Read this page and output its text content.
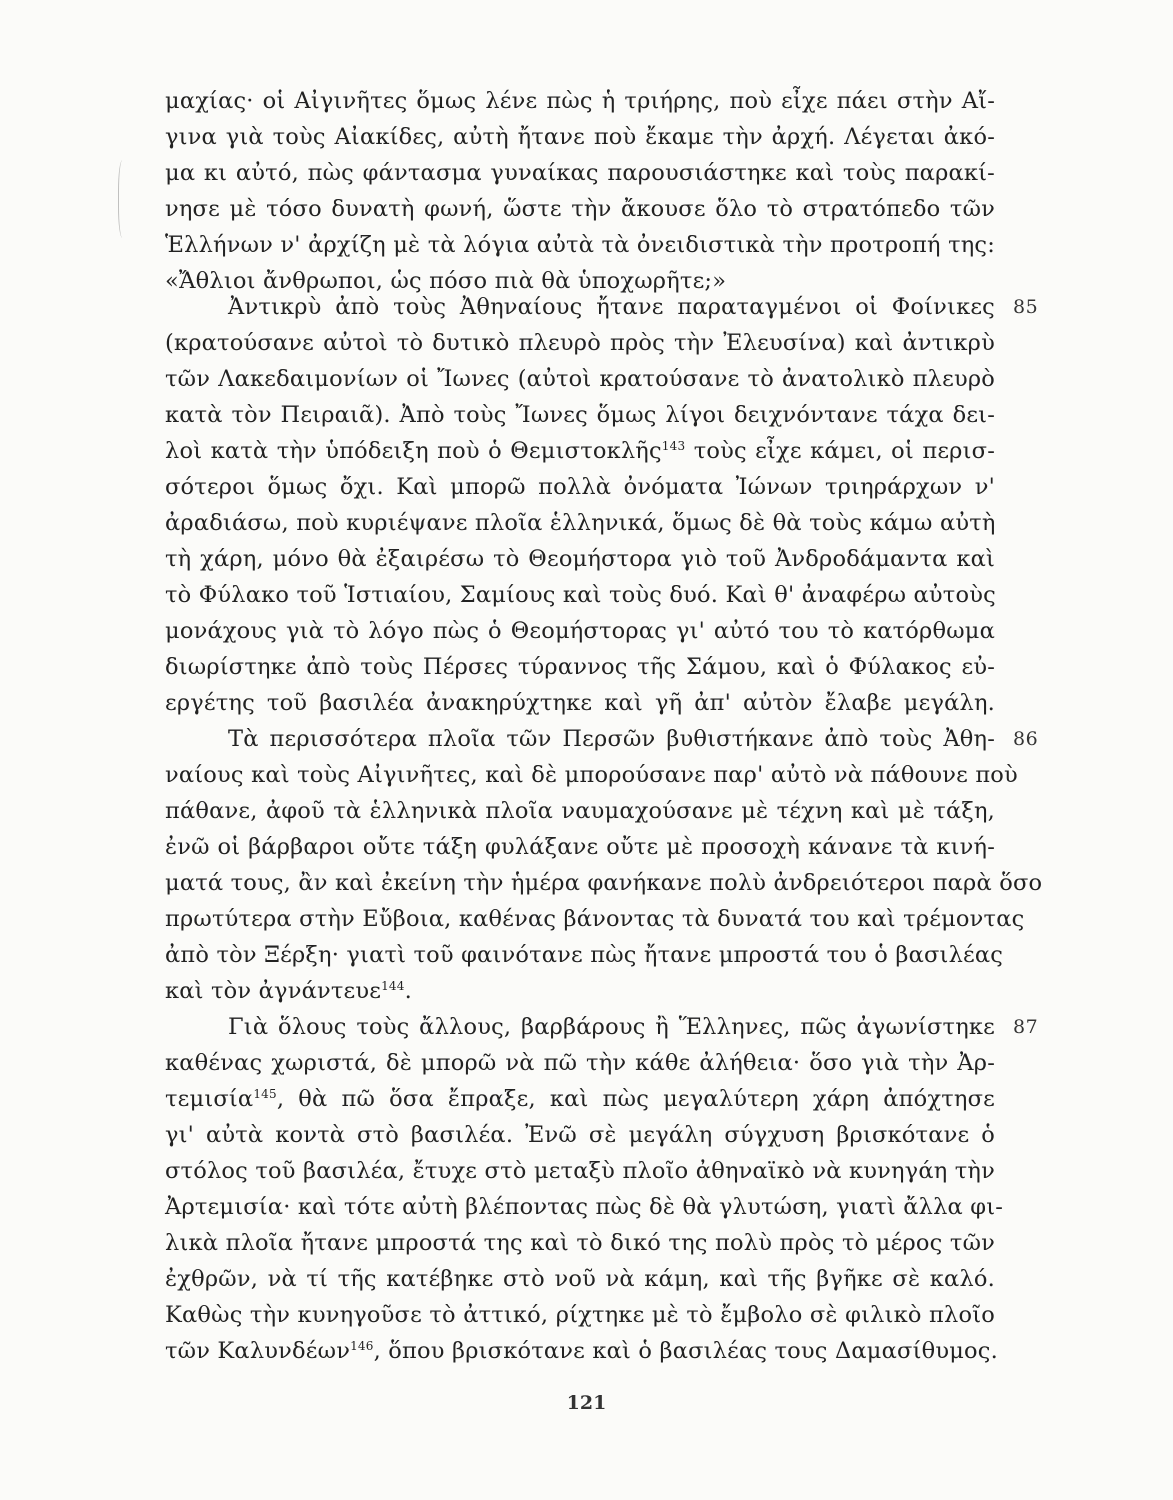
μαχίας· οἱ Αἰγινῆτες ὅμως λένε πὼς ἡ τριήρης, ποὺ εἶχε πάει στὴν Αἴ-
γινα γιὰ τοὺς Αἰακίδες, αὐτὴ ἤτανε ποὺ ἔκαμε τὴν ἀρχή. Λέγεται ἀκό-
μα κι αὐτό, πὼς φάντασμα γυναίκας παρουσιάστηκε καὶ τοὺς παρακί-
νησε μὲ τόσο δυνατὴ φωνή, ὥστε τὴν ἄκουσε ὅλο τὸ στρατόπεδο τῶν
Ἑλλήνων ν' ἀρχίζη μὲ τὰ λόγια αὐτὰ τὰ ὀνειδιστικὰ τὴν προτροπή της:
«Ἄθλιοι ἄνθρωποι, ὡς πόσο πιὰ θὰ ὑποχωρῆτε;»
Ἀντικρὺ ἀπὸ τοὺς Ἀθηναίους ἤτανε παραταγμένοι οἱ Φοίνικες 85
(κρατούσανε αὐτοὶ τὸ δυτικὸ πλευρὸ πρὸς τὴν Ἐλευσίνα) καὶ ἀντικρὺ
τῶν Λακεδαιμονίων οἱ Ἴωνες (αὐτοὶ κρατούσανε τὸ ἀνατολικὸ πλευρὸ
κατὰ τὸν Πειραιᾶ). Ἀπὸ τοὺς Ἴωνες ὅμως λίγοι δειχνόντανε τάχα δει-
λοὶ κατὰ τὴν ὑπόδειξη ποὺ ὁ Θεμιστοκλῆς$^{143}$ τοὺς εἶχε κάμει, οἱ περισ-
σότεροι ὅμως ὄχι. Καὶ μπορῶ πολλὰ ὀνόματα Ἰώνων τριηράρχων ν'
ἀραδιάσω, ποὺ κυριέψανε πλοῖα ἑλληνικά, ὅμως δὲ θὰ τοὺς κάμω αὐτὴ
τὴ χάρη, μόνο θὰ ἐξαιρέσω τὸ Θεομήστορα γιὸ τοῦ Ἀνδροδάμαντα καὶ
τὸ Φύλακο τοῦ Ἱστιαίου, Σαμίους καὶ τοὺς δυό. Καὶ θ' ἀναφέρω αὐτοὺς
μονάχους γιὰ τὸ λόγο πὼς ὁ Θεομήστορας γι' αὐτό του τὸ κατόρθωμα
διωρίστηκε ἀπὸ τοὺς Πέρσες τύραννος τῆς Σάμου, καὶ ὁ Φύλακος εὐ-
εργέτης τοῦ βασιλέα ἀνακηρύχτηκε καὶ γῆ ἀπ' αὐτὸν ἔλαβε μεγάλη.
Τὰ περισσότερα πλοῖα τῶν Περσῶν βυθιστήκανε ἀπὸ τοὺς Ἀθη- 86
ναίους καὶ τοὺς Αἰγινῆτες, καὶ δὲ μπορούσανε παρ' αὐτὸ νὰ πάθουνε ποὺ
πάθανε, ἀφοῦ τὰ ἑλληνικὰ πλοῖα ναυμαχούσανε μὲ τέχνη καὶ μὲ τάξη,
ἐνῶ οἱ βάρβαροι οὔτε τάξη φυλάξανε οὔτε μὲ προσοχὴ κάνανε τὰ κινή-
ματά τους, ἂν καὶ ἐκείνη τὴν ἡμέρα φανήκανε πολὺ ἀνδρειότεροι παρὰ ὅσο
πρωτύτερα στὴν Εὔβοια, καθένας βάνοντας τὰ δυνατά του καὶ τρέμοντας
ἀπὸ τὸν Ξέρξη· γιατὶ τοῦ φαινότανε πὼς ἤτανε μπροστά του ὁ βασιλέας
καὶ τὸν ἀγνάντευε$^{144}$.
Γιὰ ὅλους τοὺς ἄλλους, βαρβάρους ἢ Ἕλληνες, πῶς ἀγωνίστηκε 87
καθένας χωριστά, δὲ μπορῶ νὰ πῶ τὴν κάθε ἀλήθεια· ὅσο γιὰ τὴν Ἀρ-
τεμισία$^{145}$, θὰ πῶ ὅσα ἔπραξε, καὶ πὼς μεγαλύτερη χάρη ἀπόχτησε
γι' αὐτὰ κοντὰ στὸ βασιλέα. Ἐνῶ σὲ μεγάλη σύγχυση βρισκότανε ὁ
στόλος τοῦ βασιλέα, ἔτυχε στὸ μεταξὺ πλοῖο ἀθηναϊκὸ νὰ κυνηγάη τὴν
Ἀρτεμισία· καὶ τότε αὐτὴ βλέποντας πὼς δὲ θὰ γλυτώση, γιατὶ ἄλλα φι-
λικὰ πλοῖα ἤτανε μπροστά της καὶ τὸ δικό της πολὺ πρὸς τὸ μέρος τῶν
ἐχθρῶν, νὰ τί τῆς κατέβηκε στὸ νοῦ νὰ κάμη, καὶ τῆς βγῆκε σὲ καλό.
Καθὼς τὴν κυνηγοῦσε τὸ ἀττικό, ρίχτηκε μὲ τὸ ἔμβολο σὲ φιλικὸ πλοῖο
τῶν Καλυνδέων$^{146}$, ὅπου βρισκότανε καὶ ὁ βασιλέας τους Δαμασίθυμος.
121
